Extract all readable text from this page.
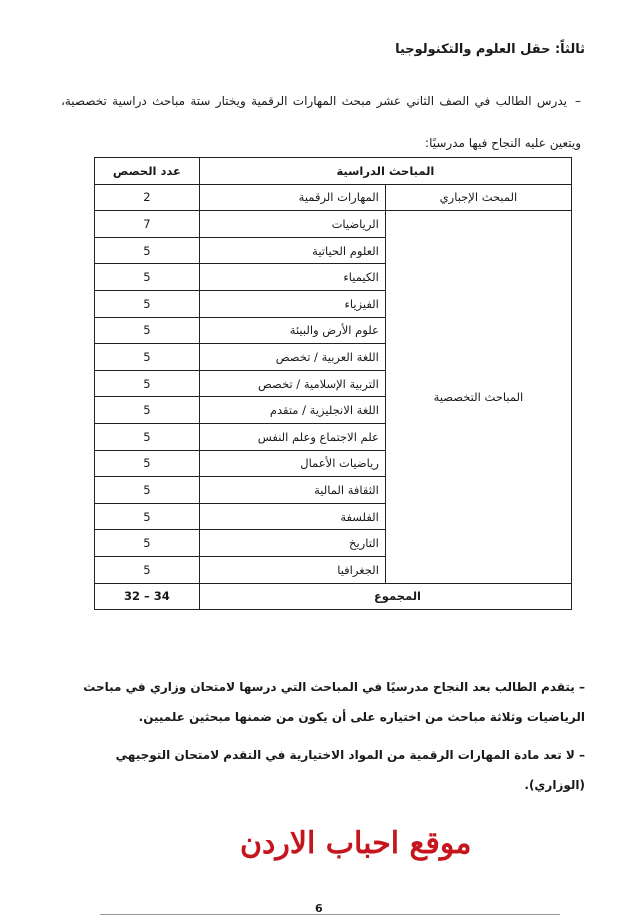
ثالثاً: حقل العلوم والتكنولوجيا
–يدرس الطالب في الصف الثاني عشر مبحث المهارات الرقمية ويختار ستة مباحث دراسية تخصصية، ويتعين عليه النجاح فيها مدرسيًا:
المباحث الدراسية		عدد الحصص
المبحث الإجباري	المهارات الرقمية	2
المباحث التخصصية	الرياضيات	7
	العلوم الحياتية	5
	الكيمياء	5
	الفيزياء	5
	علوم الأرض والبيئة	5
	اللغة العربية / تخصص	5
	التربية الإسلامية / تخصص	5
	اللغة الانجليزية / متقدم	5
	علم الاجتماع وعلم النفس	5
	رياضيات الأعمال	5
	الثقافة المالية	5
	الفلسفة	5
	التاريخ	5
	الجغرافيا	5
المجموع		34 – 32

– يتقدم الطالب بعد النجاح مدرسيًا في المباحث التي درسها لامتحان وزاري في مباحث الرياضيات وثلاثة مباحث من اختياره على أن يكون من ضمنها مبحثين علميين.

– لا تعد مادة المهارات الرقمية من المواد الاختيارية في التقدم لامتحان التوجيهي (الوزاري).

موقع احباب الاردن
6
